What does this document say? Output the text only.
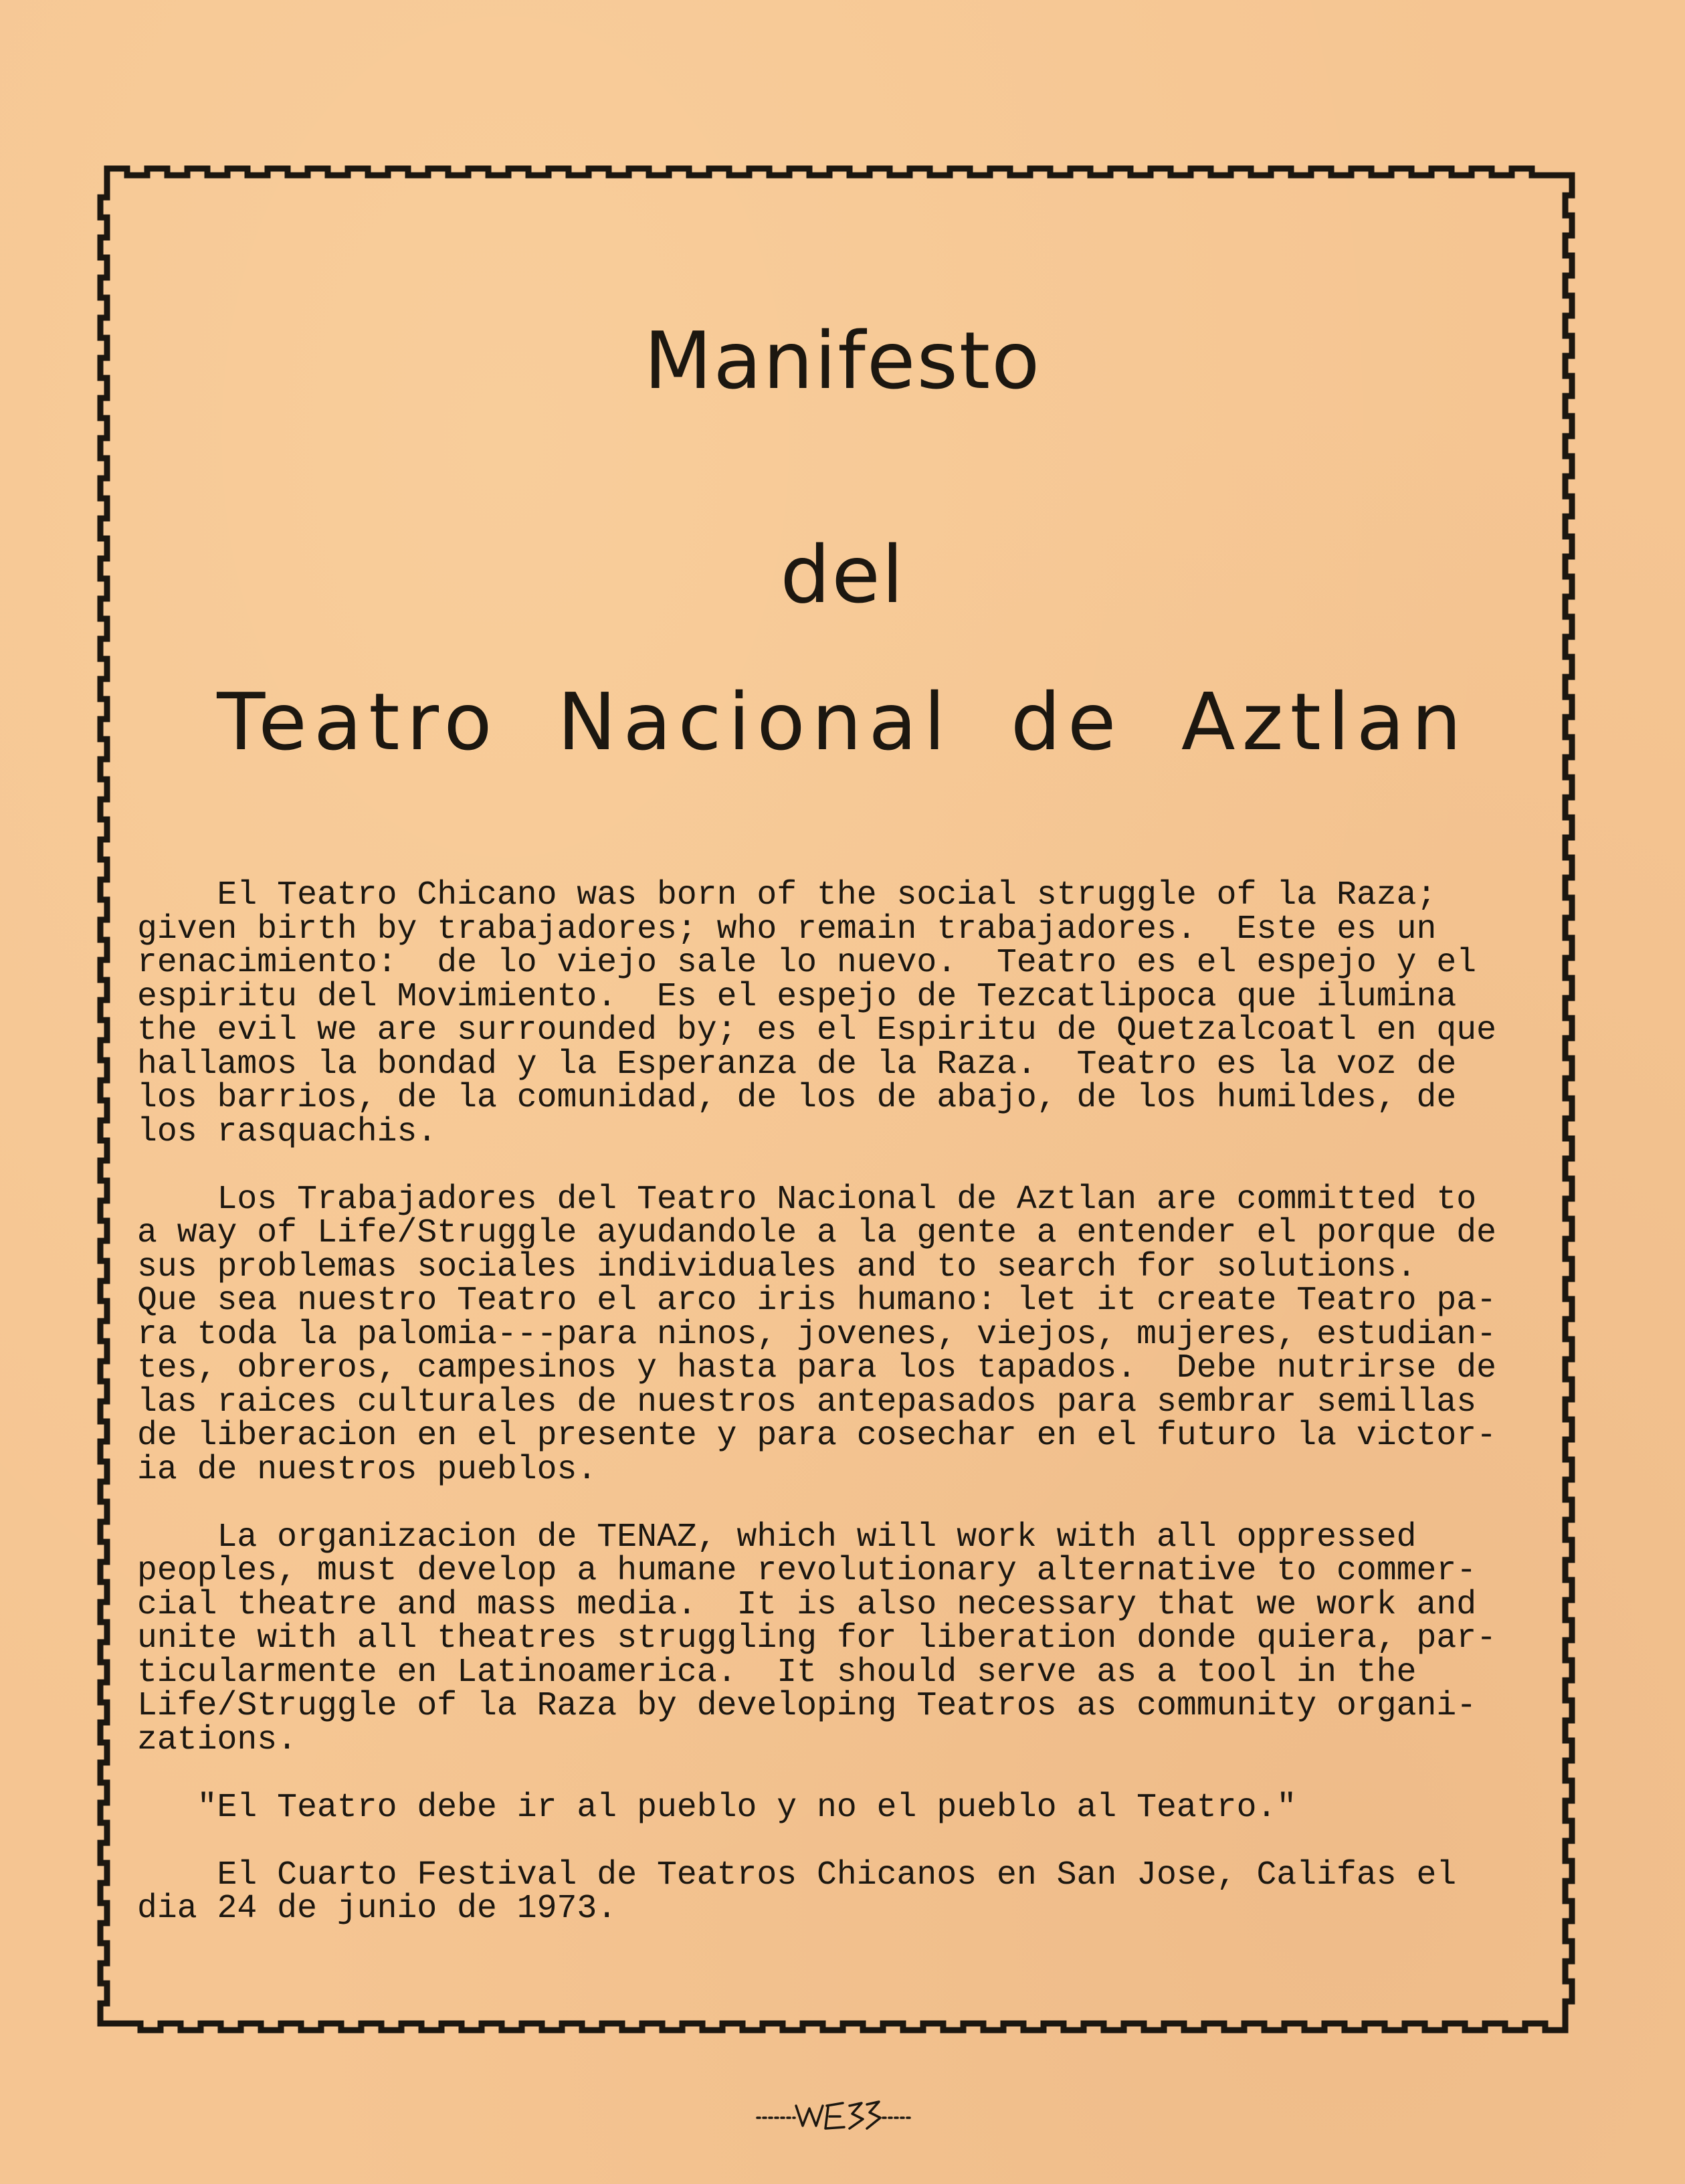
Manifesto
del
Teatro Nacional de Aztlan
El Teatro Chicano was born of the social struggle of la Raza;
given birth by trabajadores; who remain trabajadores.  Este es un
renacimiento:  de lo viejo sale lo nuevo.  Teatro es el espejo y el
espiritu del Movimiento.  Es el espejo de Tezcatlipoca que ilumina
the evil we are surrounded by; es el Espiritu de Quetzalcoatl en que
hallamos la bondad y la Esperanza de la Raza.  Teatro es la voz de
los barrios, de la comunidad, de los de abajo, de los humildes, de
los rasquachis.
Los Trabajadores del Teatro Nacional de Aztlan are committed to
a way of Life/Struggle ayudandole a la gente a entender el porque de
sus problemas sociales individuales and to search for solutions.
Que sea nuestro Teatro el arco iris humano: let it create Teatro pa-
ra toda la palomia---para ninos, jovenes, viejos, mujeres, estudian-
tes, obreros, campesinos y hasta para los tapados.  Debe nutrirse de
las raices culturales de nuestros antepasados para sembrar semillas
de liberacion en el presente y para cosechar en el futuro la victor-
ia de nuestros pueblos.
La organizacion de TENAZ, which will work with all oppressed
peoples, must develop a humane revolutionary alternative to commer-
cial theatre and mass media.  It is also necessary that we work and
unite with all theatres struggling for liberation donde quiera, par-
ticularmente en Latinoamerica.  It should serve as a tool in the
Life/Struggle of la Raza by developing Teatros as community organi-
zations.
"El Teatro debe ir al pueblo y no el pueblo al Teatro."
El Cuarto Festival de Teatros Chicanos en San Jose, Califas el
dia 24 de junio de 1973.
